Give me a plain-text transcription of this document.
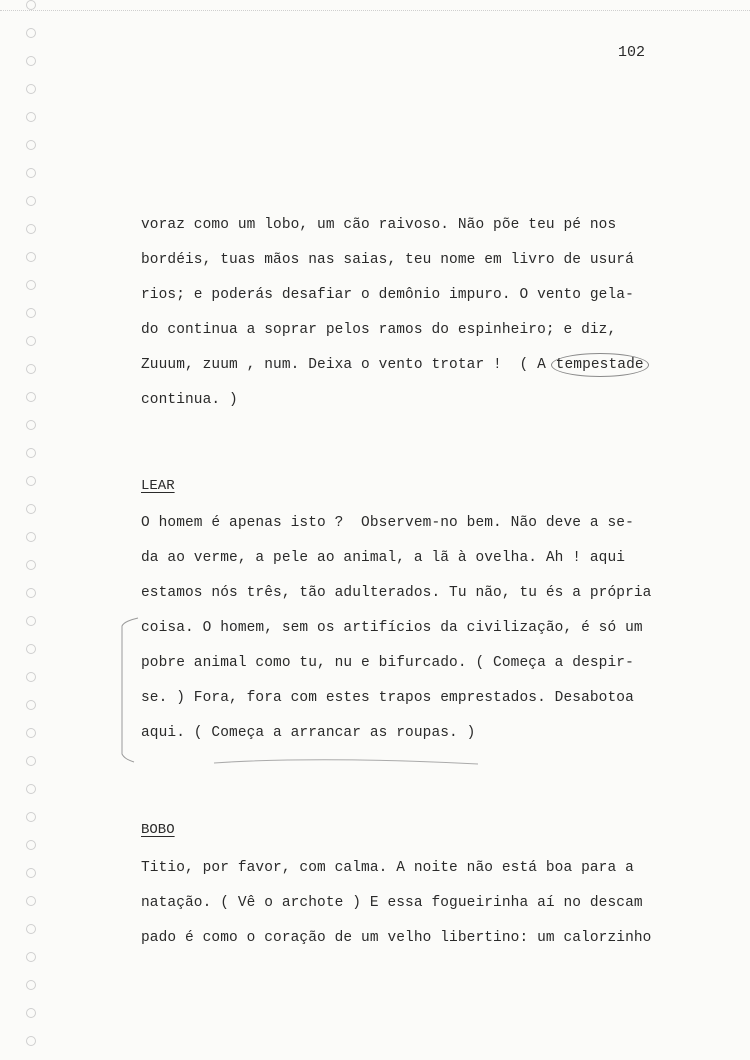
102
voraz como um lobo, um cão raivoso. Não põe teu pé nos
bordéis, tuas mãos nas saias, teu nome em livro de usurá
rios; e poderás desafiar o demônio impuro. O vento gela-
do continua a soprar pelos ramos do espinheiro; e diz,
Zuuum, zuum , num. Deixa o vento trotar !  ( A tempestade
continua. )
LEAR
O homem é apenas isto ?  Observem-no bem. Não deve a se-
da ao verme, a pele ao animal, a lã à ovelha. Ah ! aqui
estamos nós três, tão adulterados. Tu não, tu és a própria
coisa. O homem, sem os artifícios da civilização, é só um
pobre animal como tu, nu e bifurcado. ( Começa a despir-
se. ) Fora, fora com estes trapos emprestados. Desabotoa
aqui. ( Começa a arrancar as roupas. )
BOBO
Titio, por favor, com calma. A noite não está boa para a
natação. ( Vê o archote ) E essa fogueirinha aí no descam
pado é como o coração de um velho libertino: um calorzinho
